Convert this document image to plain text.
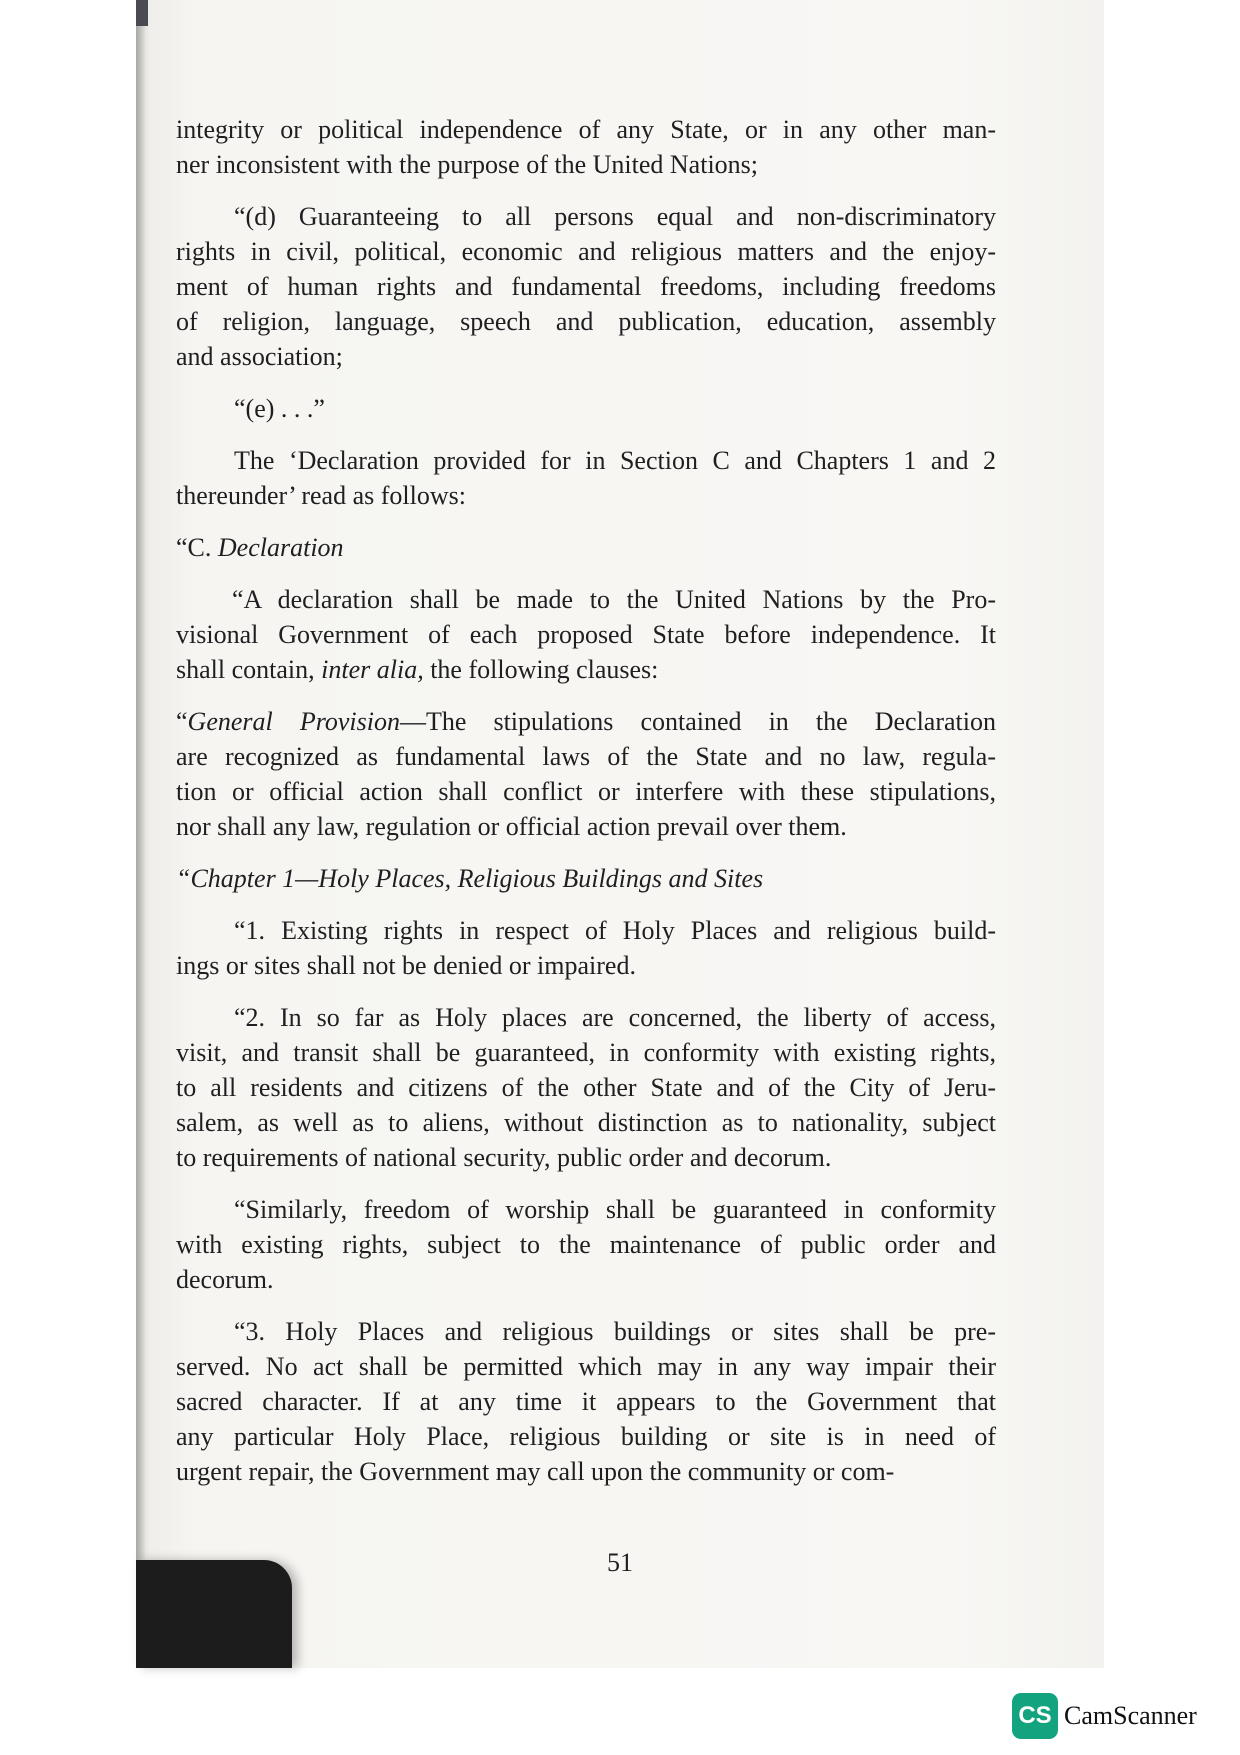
integrity or political independence of any State, or in any other man-
ner inconsistent with the purpose of the United Nations;

“(d) Guaranteeing to all persons equal and non-discriminatory
rights in civil, political, economic and religious matters and the enjoy-
ment of human rights and fundamental freedoms, including freedoms
of religion, language, speech and publication, education, assembly
and association;

“(e) . . .”

The ‘Declaration provided for in Section C and Chapters 1 and 2
thereunder’ read as follows:

“C. Declaration

“A declaration shall be made to the United Nations by the Pro-
visional Government of each proposed State before independence. It
shall contain, inter alia, the following clauses:

“General Provision—The stipulations contained in the Declaration
are recognized as fundamental laws of the State and no law, regula-
tion or official action shall conflict or interfere with these stipulations,
nor shall any law, regulation or official action prevail over them.

“Chapter 1—Holy Places, Religious Buildings and Sites

“1. Existing rights in respect of Holy Places and religious build-
ings or sites shall not be denied or impaired.

“2. In so far as Holy places are concerned, the liberty of access,
visit, and transit shall be guaranteed, in conformity with existing rights,
to all residents and citizens of the other State and of the City of Jeru-
salem, as well as to aliens, without distinction as to nationality, subject
to requirements of national security, public order and decorum.

“Similarly, freedom of worship shall be guaranteed in conformity
with existing rights, subject to the maintenance of public order and
decorum.

“3. Holy Places and religious buildings or sites shall be pre-
served. No act shall be permitted which may in any way impair their
sacred character. If at any time it appears to the Government that
any particular Holy Place, religious building or site is in need of
urgent repair, the Government may call upon the community or com-

51
CS CamScanner
